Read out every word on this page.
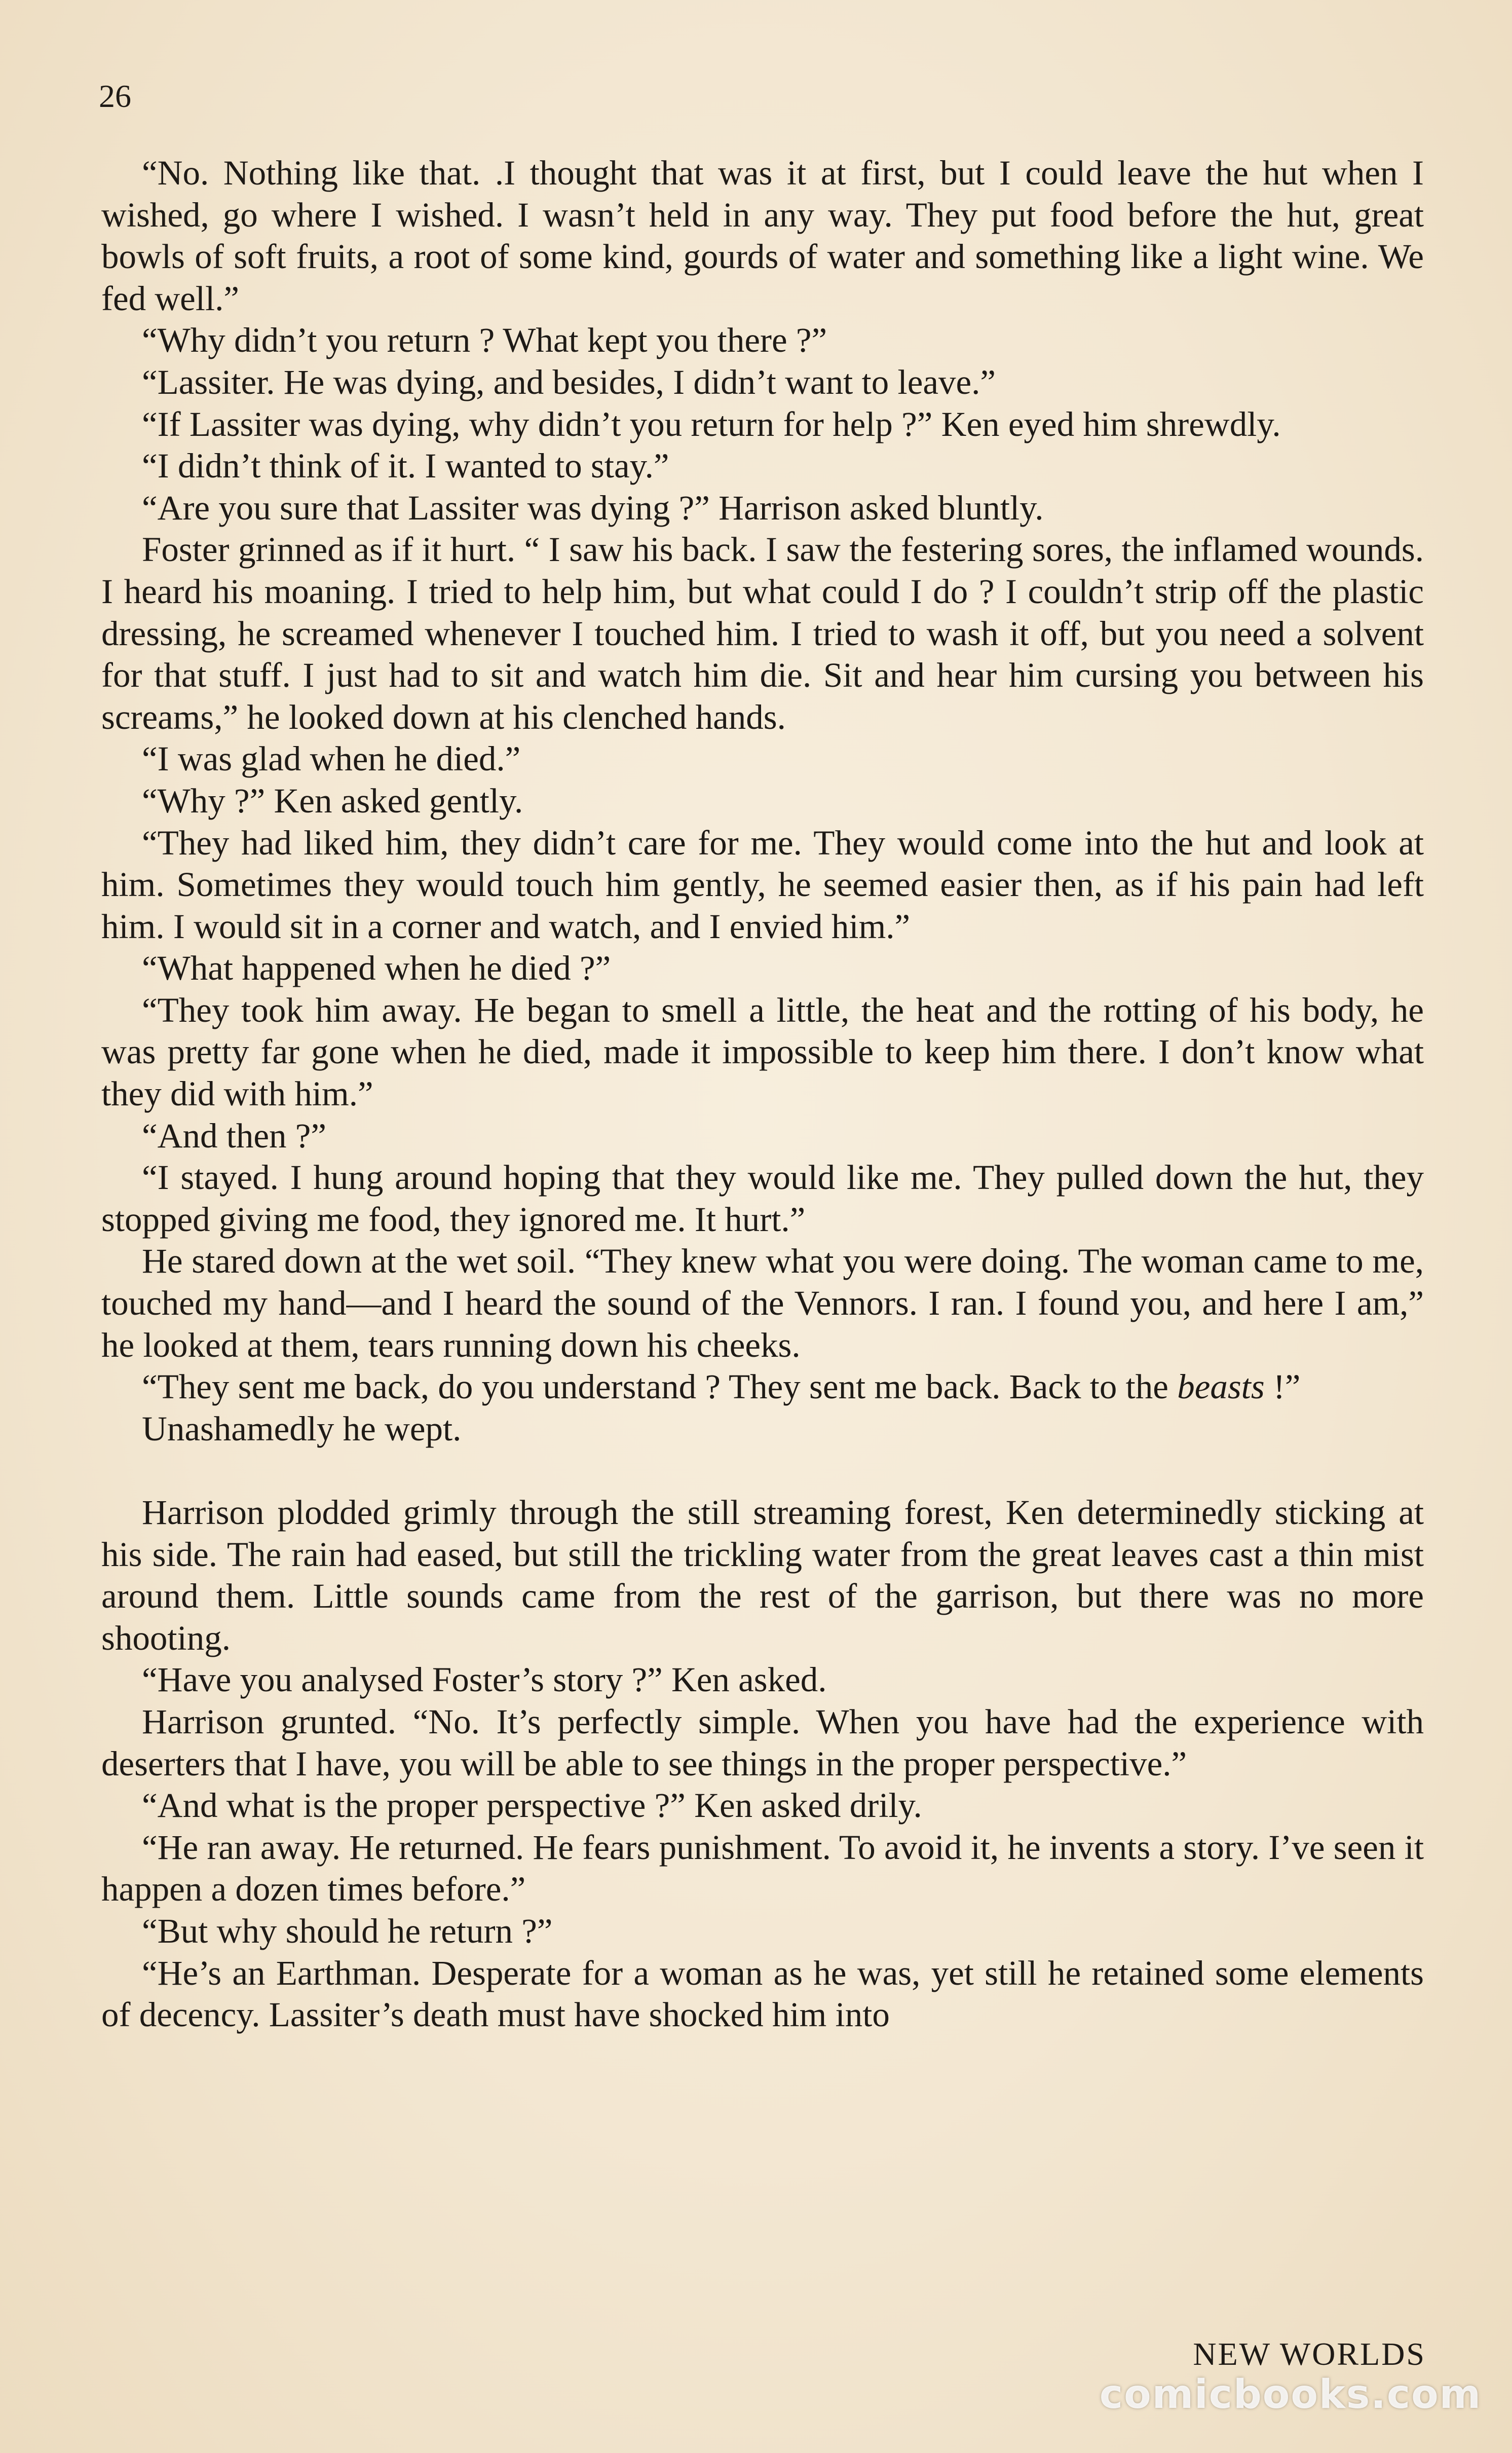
26

“No. Nothing like that. .I thought that was it at first, but I could leave the hut when I wished, go where I wished. I wasn’t held in any way. They put food before the hut, great bowls of soft fruits, a root of some kind, gourds of water and something like a light wine. We fed well.”

“Why didn’t you return ? What kept you there ?”

“Lassiter. He was dying, and besides, I didn’t want to leave.”

“If Lassiter was dying, why didn’t you return for help ?” Ken eyed him shrewdly.

“I didn’t think of it. I wanted to stay.”

“Are you sure that Lassiter was dying ?” Harrison asked bluntly.

Foster grinned as if it hurt. “ I saw his back. I saw the festering sores, the inflamed wounds. I heard his moaning. I tried to help him, but what could I do ? I couldn’t strip off the plastic dressing, he screamed whenever I touched him. I tried to wash it off, but you need a solvent for that stuff. I just had to sit and watch him die. Sit and hear him cursing you between his screams,” he looked down at his clenched hands.

“I was glad when he died.”

“Why ?” Ken asked gently.

“They had liked him, they didn’t care for me. They would come into the hut and look at him. Sometimes they would touch him gently, he seemed easier then, as if his pain had left him. I would sit in a corner and watch, and I envied him.”

“What happened when he died ?”

“They took him away. He began to smell a little, the heat and the rotting of his body, he was pretty far gone when he died, made it impossible to keep him there. I don’t know what they did with him.”

“And then ?”

“I stayed. I hung around hoping that they would like me. They pulled down the hut, they stopped giving me food, they ignored me. It hurt.”

He stared down at the wet soil. “They knew what you were doing. The woman came to me, touched my hand—and I heard the sound of the Vennors. I ran. I found you, and here I am,” he looked at them, tears running down his cheeks.

“They sent me back, do you understand ? They sent me back. Back to the beasts !”

Unashamedly he wept.

Harrison plodded grimly through the still streaming forest, Ken determinedly sticking at his side. The rain had eased, but still the trickling water from the great leaves cast a thin mist around them. Little sounds came from the rest of the garrison, but there was no more shooting.

“Have you analysed Foster’s story ?” Ken asked.

Harrison grunted. “No. It’s perfectly simple. When you have had the experience with deserters that I have, you will be able to see things in the proper perspective.”

“And what is the proper perspective ?” Ken asked drily.

“He ran away. He returned. He fears punishment. To avoid it, he invents a story. I’ve seen it happen a dozen times before.”

“But why should he return ?”

“He’s an Earthman. Desperate for a woman as he was, yet still he retained some elements of decency. Lassiter’s death must have shocked him into

NEW WORLDS
comicbooks.com
